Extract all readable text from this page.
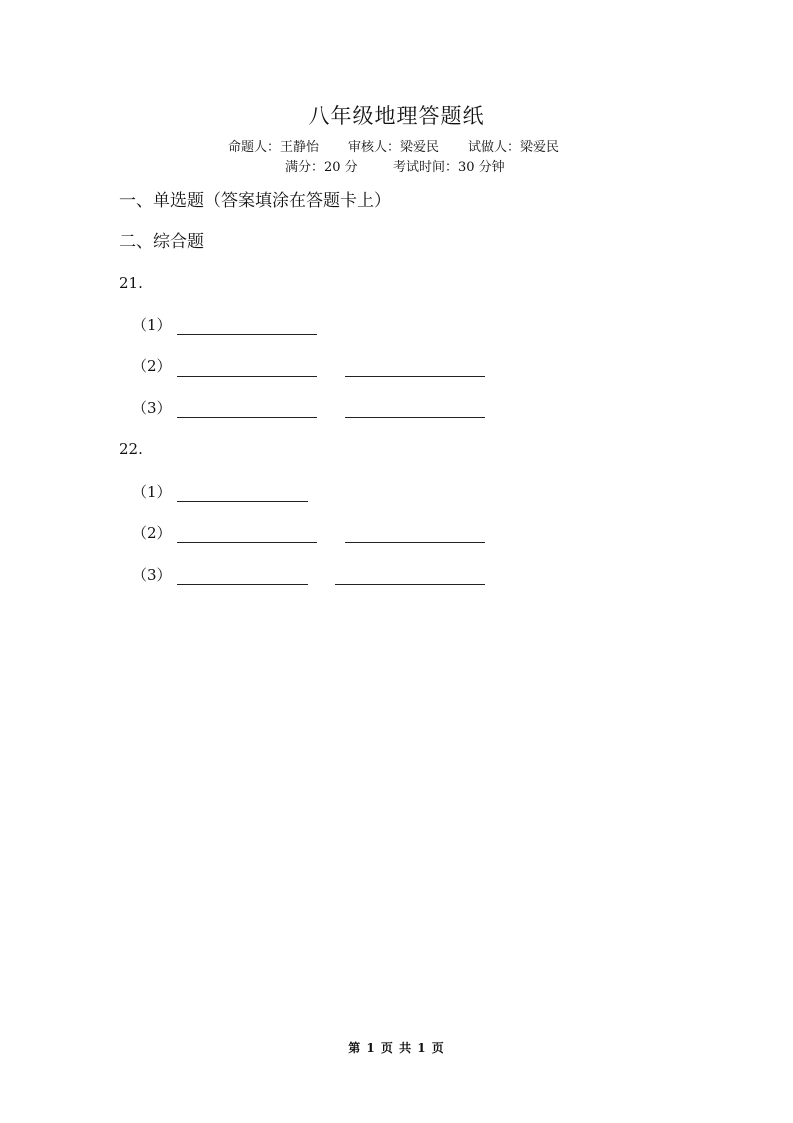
八年级地理答题纸
命题人：王静怡 审核人：梁爱民 试做人：梁爱民
满分：20 分	考试时间：30 分钟
一、单选题（答案填涂在答题卡上）
二、综合题
21.
（1）
（2）
（3）
22.
（1）
（2）
（3）
第 1 页 共 1 页
